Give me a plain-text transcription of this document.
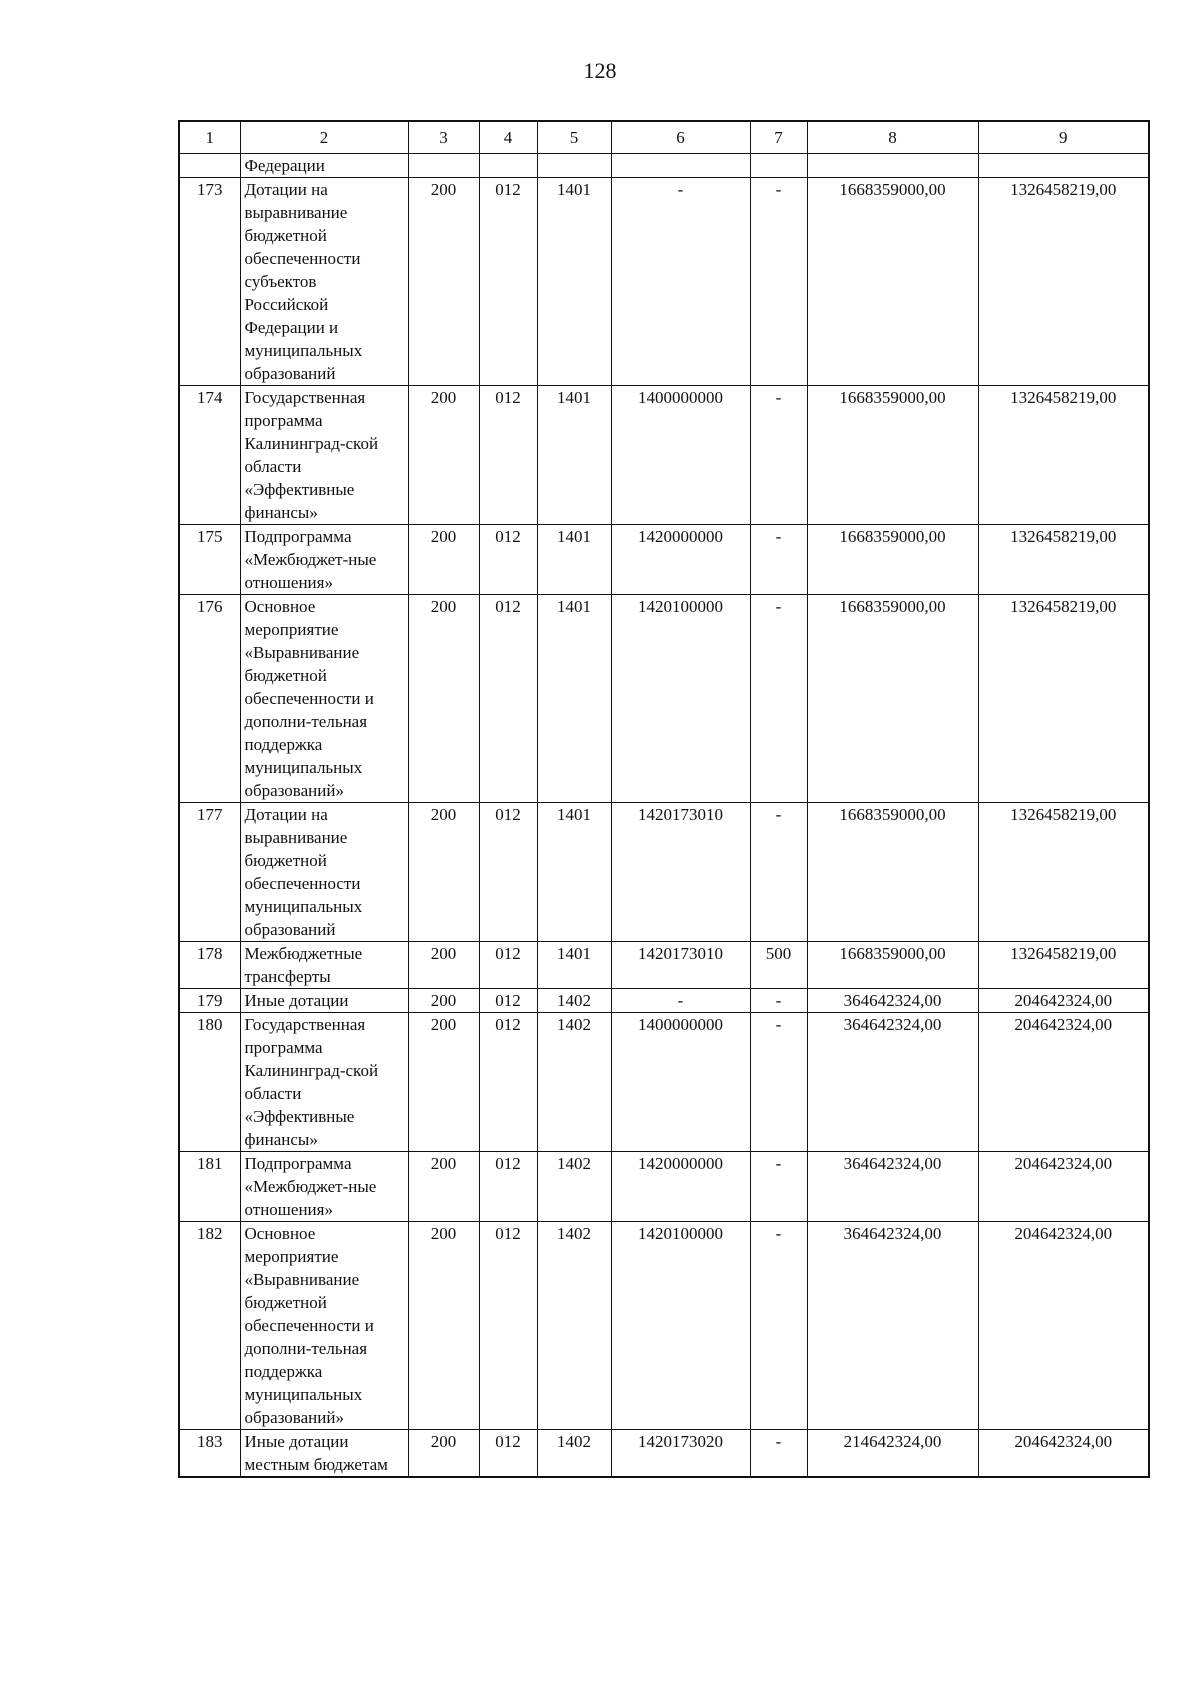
128
1	2	3	4	5	6	7	8	9
	Федерации							
173	Дотации на выравнивание бюджетной обеспеченности субъектов Российской Федерации и муниципальных образований	200	012	1401	-	-	1668359000,00	1326458219,00
174	Государственная программа Калининград-ской области «Эффективные финансы»	200	012	1401	1400000000	-	1668359000,00	1326458219,00
175	Подпрограмма «Межбюджет-ные отношения»	200	012	1401	1420000000	-	1668359000,00	1326458219,00
176	Основное мероприятие «Выравнивание бюджетной обеспеченности и дополни-тельная поддержка муниципальных образований»	200	012	1401	1420100000	-	1668359000,00	1326458219,00
177	Дотации на выравнивание бюджетной обеспеченности муниципальных образований	200	012	1401	1420173010	-	1668359000,00	1326458219,00
178	Межбюджетные трансферты	200	012	1401	1420173010	500	1668359000,00	1326458219,00
179	Иные дотации	200	012	1402	-	-	364642324,00	204642324,00
180	Государственная программа Калининград-ской области «Эффективные финансы»	200	012	1402	1400000000	-	364642324,00	204642324,00
181	Подпрограмма «Межбюджет-ные отношения»	200	012	1402	1420000000	-	364642324,00	204642324,00
182	Основное мероприятие «Выравнивание бюджетной обеспеченности и дополни-тельная поддержка муниципальных образований»	200	012	1402	1420100000	-	364642324,00	204642324,00
183	Иные дотации местным бюджетам	200	012	1402	1420173020	-	214642324,00	204642324,00
